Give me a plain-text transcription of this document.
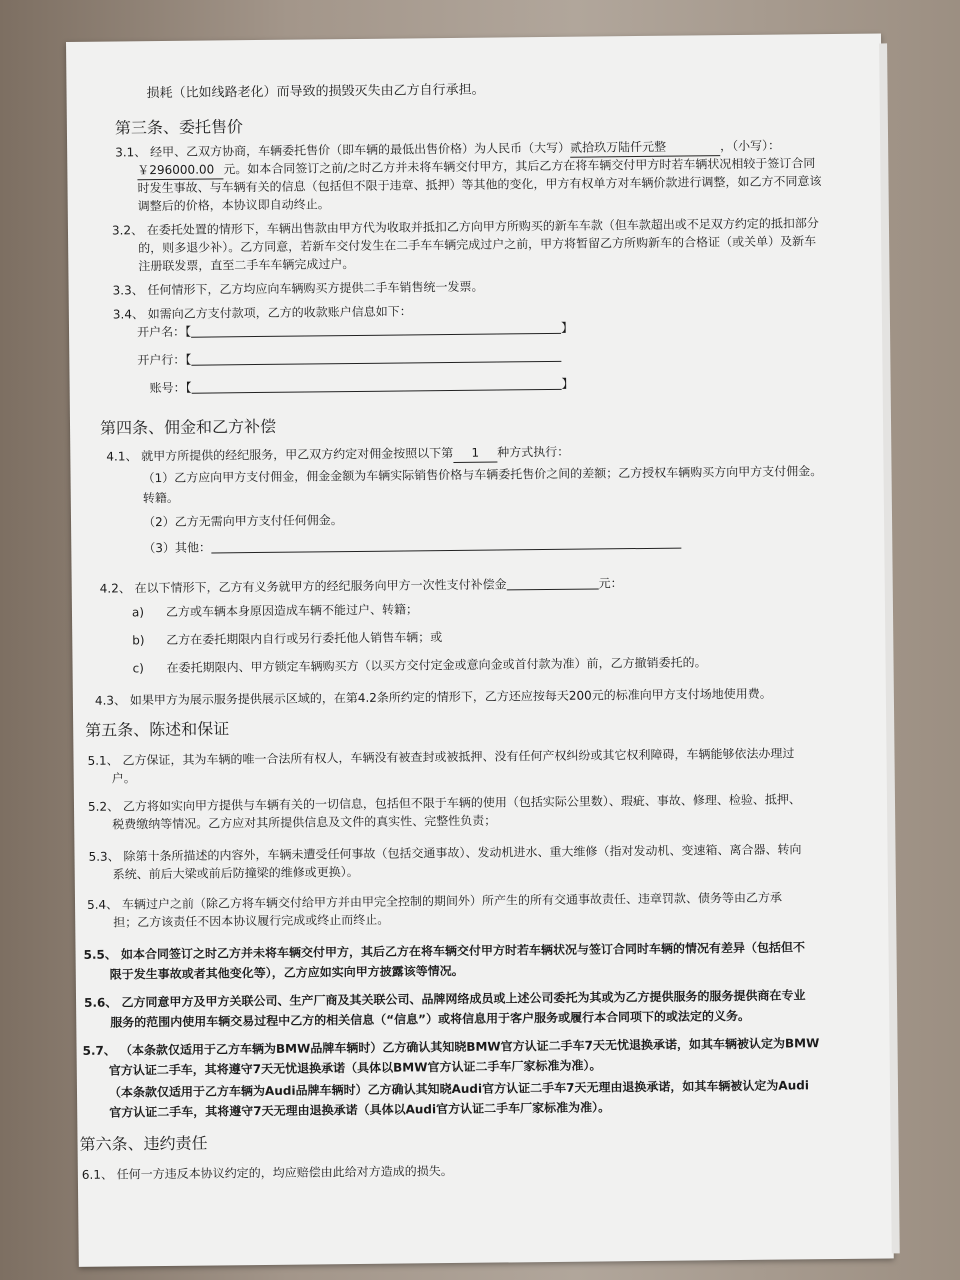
损耗（比如线路老化）而导致的损毁灭失由乙方自行承担。
第三条、委托售价
3.1、 经甲、乙双方协商，车辆委托售价（即车辆的最低出售价格）为人民币（大写）贰拾玖万陆仟元整	，（小写）：
￥296000.00 元。如本合同签订之前/之时乙方并未将车辆交付甲方，其后乙方在将车辆交付甲方时若车辆状况相较于签订合同
时发生事故、与车辆有关的信息（包括但不限于违章、抵押）等其他的变化，甲方有权单方对车辆价款进行调整，如乙方不同意该
调整后的价格，本协议即自动终止。
3.2、 在委托处置的情形下，车辆出售款由甲方代为收取并抵扣乙方向甲方所购买的新车车款（但车款超出或不足双方约定的抵扣部分
的，则多退少补）。乙方同意，若新车交付发生在二手车车辆完成过户之前，甲方将暂留乙方所购新车的合格证（或关单）及新车
注册联发票，直至二手车车辆完成过户。
3.3、 任何情形下，乙方均应向车辆购买方提供二手车销售统一发票。
3.4、 如需向乙方支付款项，乙方的收款账户信息如下：
开户名：【	】
开户行：【
账号：【	】
第四条、佣金和乙方补偿
4.1、 就甲方所提供的经纪服务，甲乙双方约定对佣金按照以下第 1 种方式执行：
（1）乙方应向甲方支付佣金，佣金金额为车辆实际销售价格与车辆委托售价之间的差额；乙方授权车辆购买方向甲方支付佣金。
转籍。
（2）乙方无需向甲方支付任何佣金。
（3）其他：
4.2、 在以下情形下，乙方有义务就甲方的经纪服务向甲方一次性支付补偿金	元：
a) 乙方或车辆本身原因造成车辆不能过户、转籍；
b) 乙方在委托期限内自行或另行委托他人销售车辆；或
c) 在委托期限内、甲方锁定车辆购买方（以买方交付定金或意向金或首付款为准）前，乙方撤销委托的。
4.3、 如果甲方为展示服务提供展示区域的，在第4.2条所约定的情形下，乙方还应按每天200元的标准向甲方支付场地使用费。
第五条、陈述和保证
5.1、 乙方保证，其为车辆的唯一合法所有权人，车辆没有被查封或被抵押、没有任何产权纠纷或其它权利障碍，车辆能够依法办理过
户。
5.2、 乙方将如实向甲方提供与车辆有关的一切信息，包括但不限于车辆的使用（包括实际公里数）、瑕疵、事故、修理、检验、抵押、
税费缴纳等情况。乙方应对其所提供信息及文件的真实性、完整性负责；
5.3、 除第十条所描述的内容外，车辆未遭受任何事故（包括交通事故）、发动机进水、重大维修（指对发动机、变速箱、离合器、转向
系统、前后大梁或前后防撞梁的维修或更换）。
5.4、 车辆过户之前（除乙方将车辆交付给甲方并由甲完全控制的期间外）所产生的所有交通事故责任、违章罚款、债务等由乙方承
担；乙方该责任不因本协议履行完成或终止而终止。
5.5、 如本合同签订之时乙方并未将车辆交付甲方，其后乙方在将车辆交付甲方时若车辆状况与签订合同时车辆的情况有差异（包括但不
限于发生事故或者其他变化等），乙方应如实向甲方披露该等情况。
5.6、 乙方同意甲方及甲方关联公司、生产厂商及其关联公司、品牌网络成员或上述公司委托为其或为乙方提供服务的服务提供商在专业
服务的范围内使用车辆交易过程中乙方的相关信息（“信息”）或将信息用于客户服务或履行本合同项下的或法定的义务。
5.7、 （本条款仅适用于乙方车辆为BMW品牌车辆时）乙方确认其知晓BMW官方认证二手车7天无忧退换承诺，如其车辆被认定为BMW
官方认证二手车，其将遵守7天无忧退换承诺（具体以BMW官方认证二手车厂家标准为准）。
（本条款仅适用于乙方车辆为Audi品牌车辆时）乙方确认其知晓Audi官方认证二手车7天无理由退换承诺，如其车辆被认定为Audi
官方认证二手车，其将遵守7天无理由退换承诺（具体以Audi官方认证二手车厂家标准为准）。
第六条、违约责任
6.1、 任何一方违反本协议约定的，均应赔偿由此给对方造成的损失。
